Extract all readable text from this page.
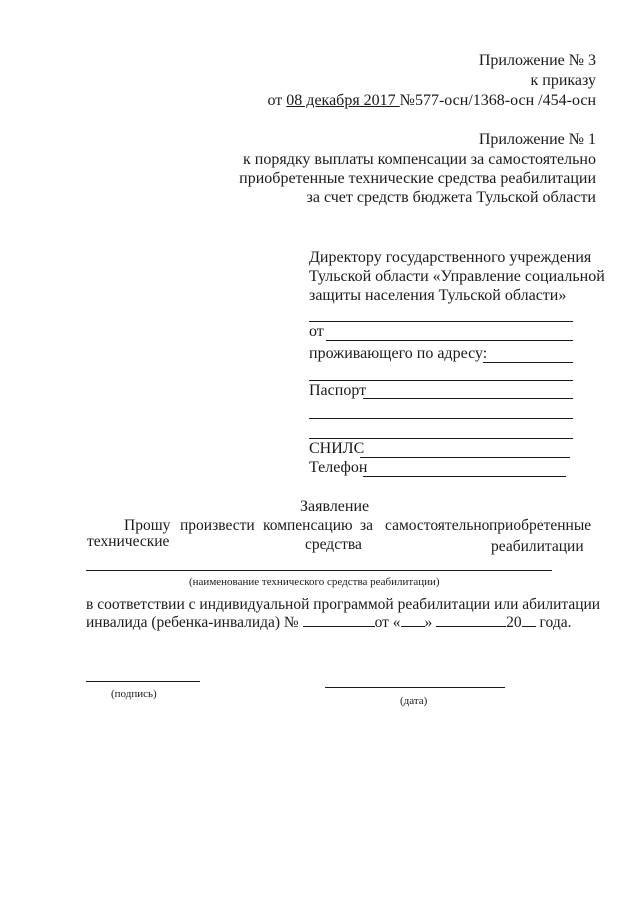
Приложение № 3
к приказу
от 08 декабря 2017 №577-осн/1368-осн /454-осн
Приложение № 1
к порядку выплаты компенсации за самостоятельно
приобретенные технические средства реабилитации
за счет средств бюджета Тульской области
Директору государственного учреждения
Тульской области «Управление социальной
защиты населения Тульской области»
от
проживающего по адресу:
Паспорт
СНИЛС
Телефон
Заявление
Прошу произвести компенсацию за самостоятельно приобретенные
технические	средства	реабилитации
(наименование технического средства реабилитации)
в соответствии с индивидуальной программой реабилитации или абилитации
инвалида (ребенка-инвалида) №	от « »	20 года.
(подпись)
(дата)
